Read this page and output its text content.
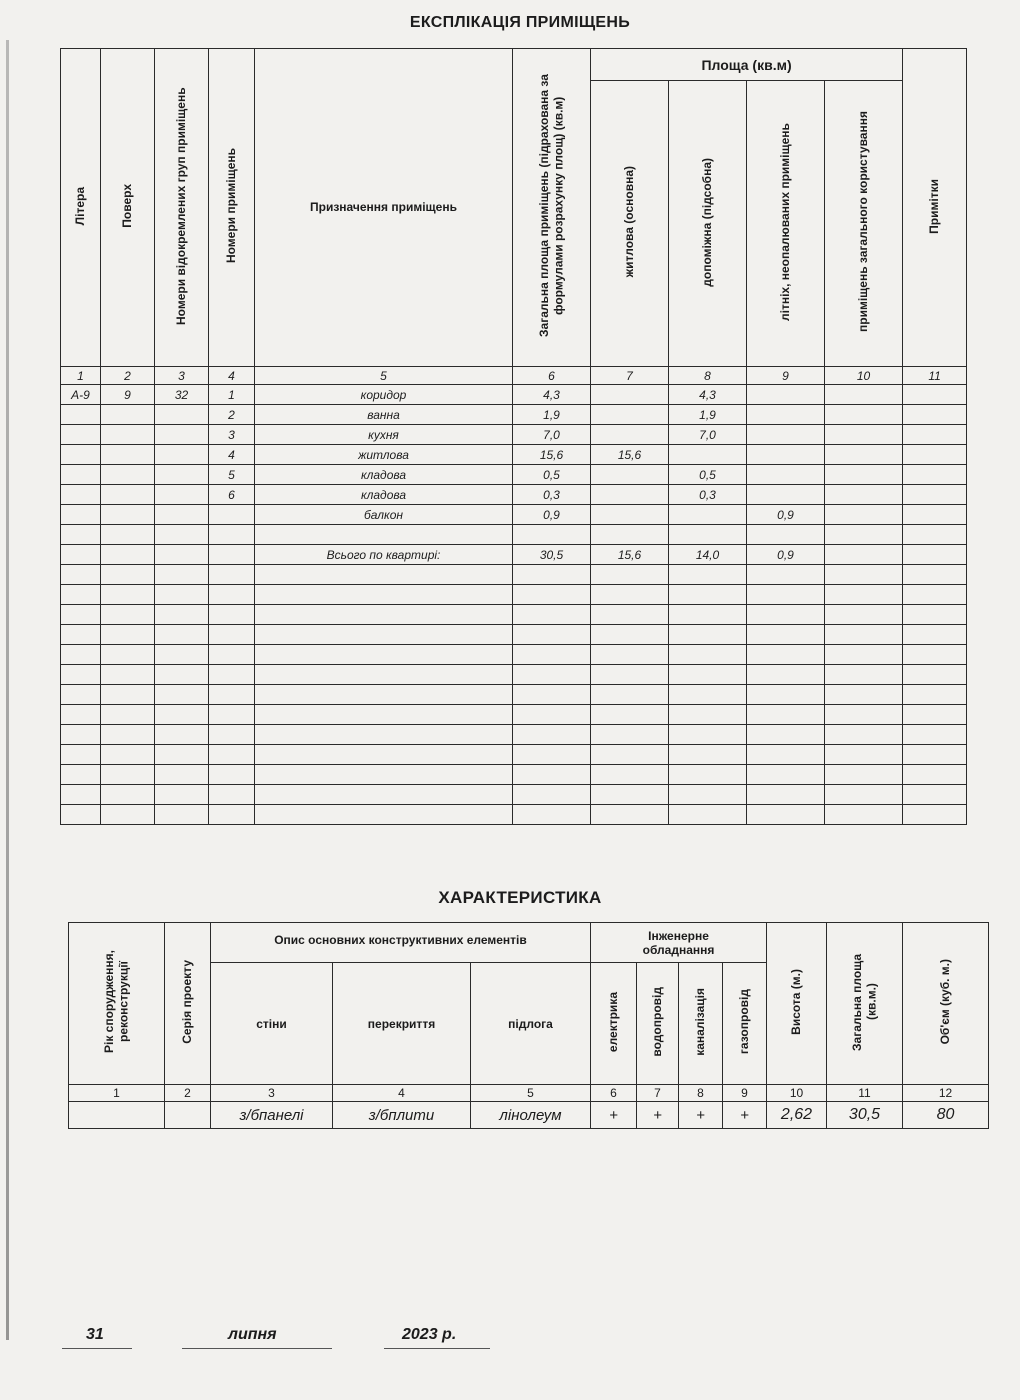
ЕКСПЛІКАЦІЯ ПРИМІЩЕНЬ
Літера	Поверх	Номери відокремлених груп приміщень	Номери приміщень	Призначення приміщень	Загальна площа приміщень (підрахована за формулами розрахунку площ) (кв.м)	Площа (кв.м)				Примітки
						житлова (основна)	допоміжна (підсобна)	літніх, неопалюваних приміщень	приміщень загального користування	
1	2	3	4	5	6	7	8	9	10	11
А-9	9	32	1	коридор	4,3		4,3			
			2	ванна	1,9		1,9			
			3	кухня	7,0		7,0			
			4	житлова	15,6	15,6				
			5	кладова	0,5		0,5			
			6	кладова	0,3		0,3			
				балкон	0,9			0,9		

				Всього по квартирі:	30,5	15,6	14,0	0,9		

ХАРАКТЕРИСТИКА
Рік спорудження, реконструкції	Серія проекту	Опис основних конструктивних елементів			Інженерне обладнання				Висота (м.)	Загальна площа (кв.м.)	Об'єм (куб. м.)
		стіни	перекриття	підлога	електрика	водопровід	каналізація	газопровід			
1	2	3	4	5	6	7	8	9	10	11	12
		з/бпанелі	з/бплити	лінолеум	+	+	+	+	2,62	30,5	80
31	липня	2023 р.
